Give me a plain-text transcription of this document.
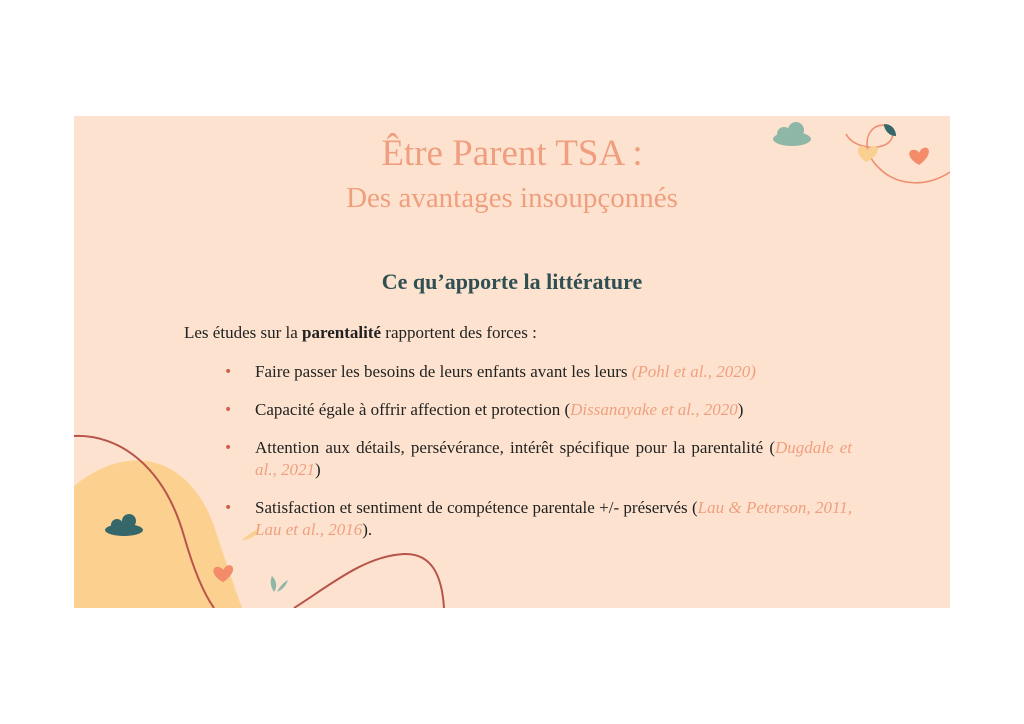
Être Parent TSA :
Des avantages insoupçonnés
Ce qu’apporte la littérature
Les études sur la parentalité rapportent des forces :
• Faire passer les besoins de leurs enfants avant les leurs (Pohl et al., 2020)
• Capacité égale à offrir affection et protection (Dissanayake et al., 2020)
• Attention aux détails, persévérance, intérêt spécifique pour la parentalité (Dugdale et al., 2021)
• Satisfaction et sentiment de compétence parentale +/- préservés (Lau & Peterson, 2011, Lau et al., 2016).
